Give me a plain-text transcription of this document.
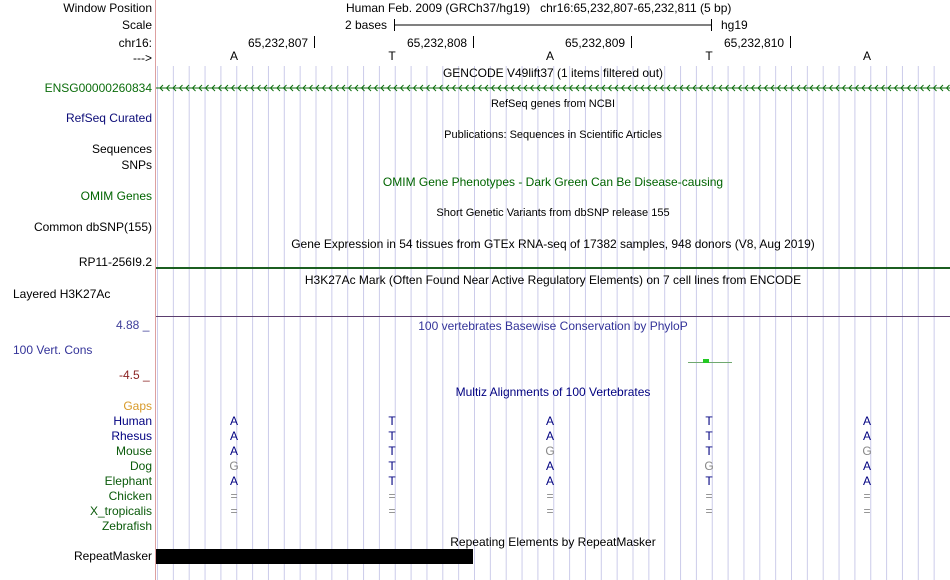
Window Position	Human Feb. 2009 (GRCh37/hg19)   chr16:65,232,807-65,232,811 (5 bp)
Scale	2 bases	hg19
chr16:	65,232,807	65,232,808	65,232,809	65,232,810
--->	A	T	A	T	A
GENCODE V49lift37 (1 items filtered out)
ENSG00000260834
RefSeq genes from NCBI
RefSeq Curated
Publications: Sequences in Scientific Articles
Sequences
SNPs
OMIM Gene Phenotypes - Dark Green Can Be Disease-causing
OMIM Genes
Short Genetic Variants from dbSNP release 155
Common dbSNP(155)
Gene Expression in 54 tissues from GTEx RNA-seq of 17382 samples, 948 donors (V8, Aug 2019)
RP11-256I9.2
H3K27Ac Mark (Often Found Near Active Regulatory Elements) on 7 cell lines from ENCODE
Layered H3K27Ac
100 vertebrates Basewise Conservation by PhyloP
4.88 _
100 Vert. Cons
-4.5 _
Multiz Alignments of 100 Vertebrates
Gaps
Human	A	T	A	T	A
Rhesus	A	T	A	T	A
Mouse	A	T	G	T	G
Dog	G	T	A	G	A
Elephant	A	T	A	T	A
Chicken	=	=	=	=	=
X_tropicalis	=	=	=	=	=
Zebrafish
Repeating Elements by RepeatMasker
RepeatMasker
